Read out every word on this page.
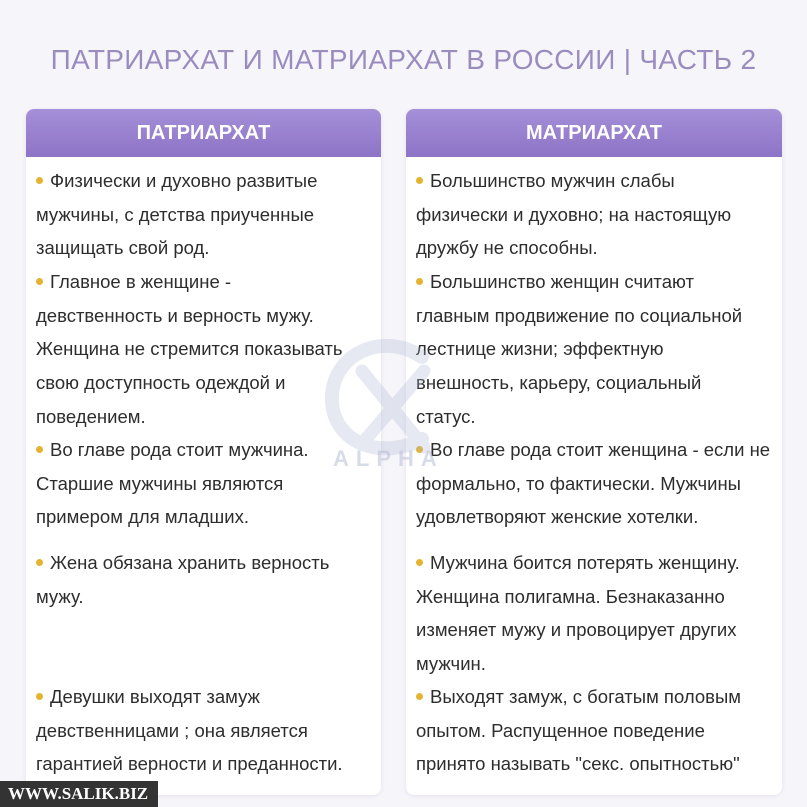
ПАТРИАРХАТ И МАТРИАРХАТ В РОССИИ | ЧАСТЬ 2
ПАТРИАРХАТ
Физически и духовно развитые
мужчины, с детства приученные
защищать свой род.
Главное в женщине -
девственность и верность мужу.
Женщина не стремится показывать
свою доступность одеждой и
поведением.
Во главе рода стоит мужчина.
Старшие мужчины являются
примером для младших.
Жена обязана хранить верность
мужу.
Девушки выходят замуж
девственницами ; она является
гарантией верности и преданности.
МАТРИАРХАТ
Большинство мужчин слабы
физически и духовно; на настоящую
дружбу не способны.
Большинство женщин считают
главным продвижение по социальной
лестнице жизни; эффектную
внешность, карьеру, социальный
статус.
Во главе рода стоит женщина - если не
формально, то фактически. Мужчины
удовлетворяют женские хотелки.
Мужчина боится потерять женщину.
Женщина полигамна. Безнаказанно
изменяет мужу и провоцирует других
мужчин.
Выходят замуж, с богатым половым
опытом. Распущенное поведение
принято называть "секс. опытностью"
ALPHA
WWW.SALIK.BIZ
